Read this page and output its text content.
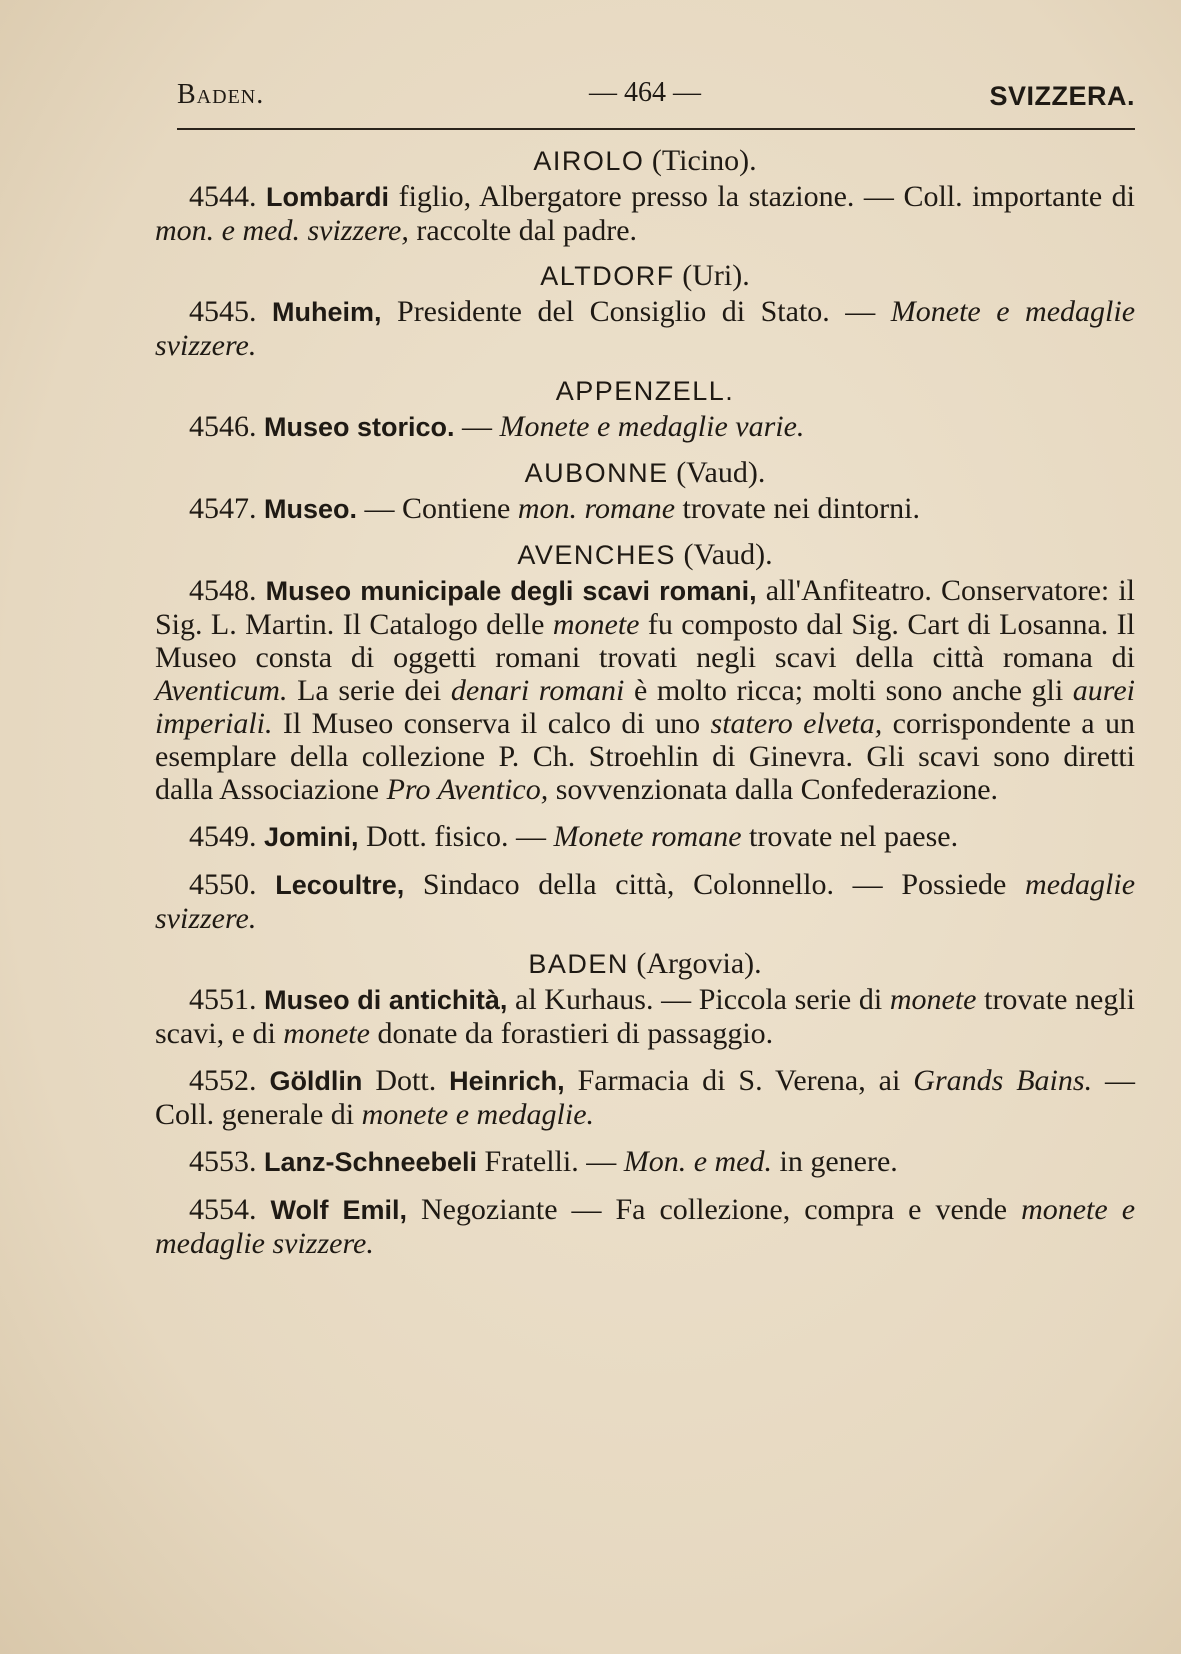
Baden.	— 464 —	SVIZZERA.
AIROLO (Ticino).
4544. Lombardi figlio, Albergatore presso la stazione. — Coll. importante di mon. e med. svizzere, raccolte dal padre.
ALTDORF (Uri).
4545. Muheim, Presidente del Consiglio di Stato. — Monete e medaglie svizzere.
APPENZELL.
4546. Museo storico. — Monete e medaglie varie.
AUBONNE (Vaud).
4547. Museo. — Contiene mon. romane trovate nei dintorni.
AVENCHES (Vaud).
4548. Museo municipale degli scavi romani, all'Anfiteatro. Conservatore: il Sig. L. Martin. Il Catalogo delle monete fu composto dal Sig. Cart di Losanna. Il Museo consta di oggetti romani trovati negli scavi della città romana di Aventicum. La serie dei denari romani è molto ricca; molti sono anche gli aurei imperiali. Il Museo conserva il calco di uno statero elveta, corrispondente a un esemplare della collezione P. Ch. Stroehlin di Ginevra. Gli scavi sono diretti dalla Associazione Pro Aventico, sovvenzionata dalla Confederazione.
4549. Jomini, Dott. fisico. — Monete romane trovate nel paese.
4550. Lecoultre, Sindaco della città, Colonnello. — Possiede medaglie svizzere.
BADEN (Argovia).
4551. Museo di antichità, al Kurhaus. — Piccola serie di monete trovate negli scavi, e di monete donate da forastieri di passaggio.
4552. Göldlin Dott. Heinrich, Farmacia di S. Verena, ai Grands Bains. — Coll. generale di monete e medaglie.
4553. Lanz-Schneebeli Fratelli. — Mon. e med. in genere.
4554. Wolf Emil, Negoziante — Fa collezione, compra e vende monete e medaglie svizzere.
